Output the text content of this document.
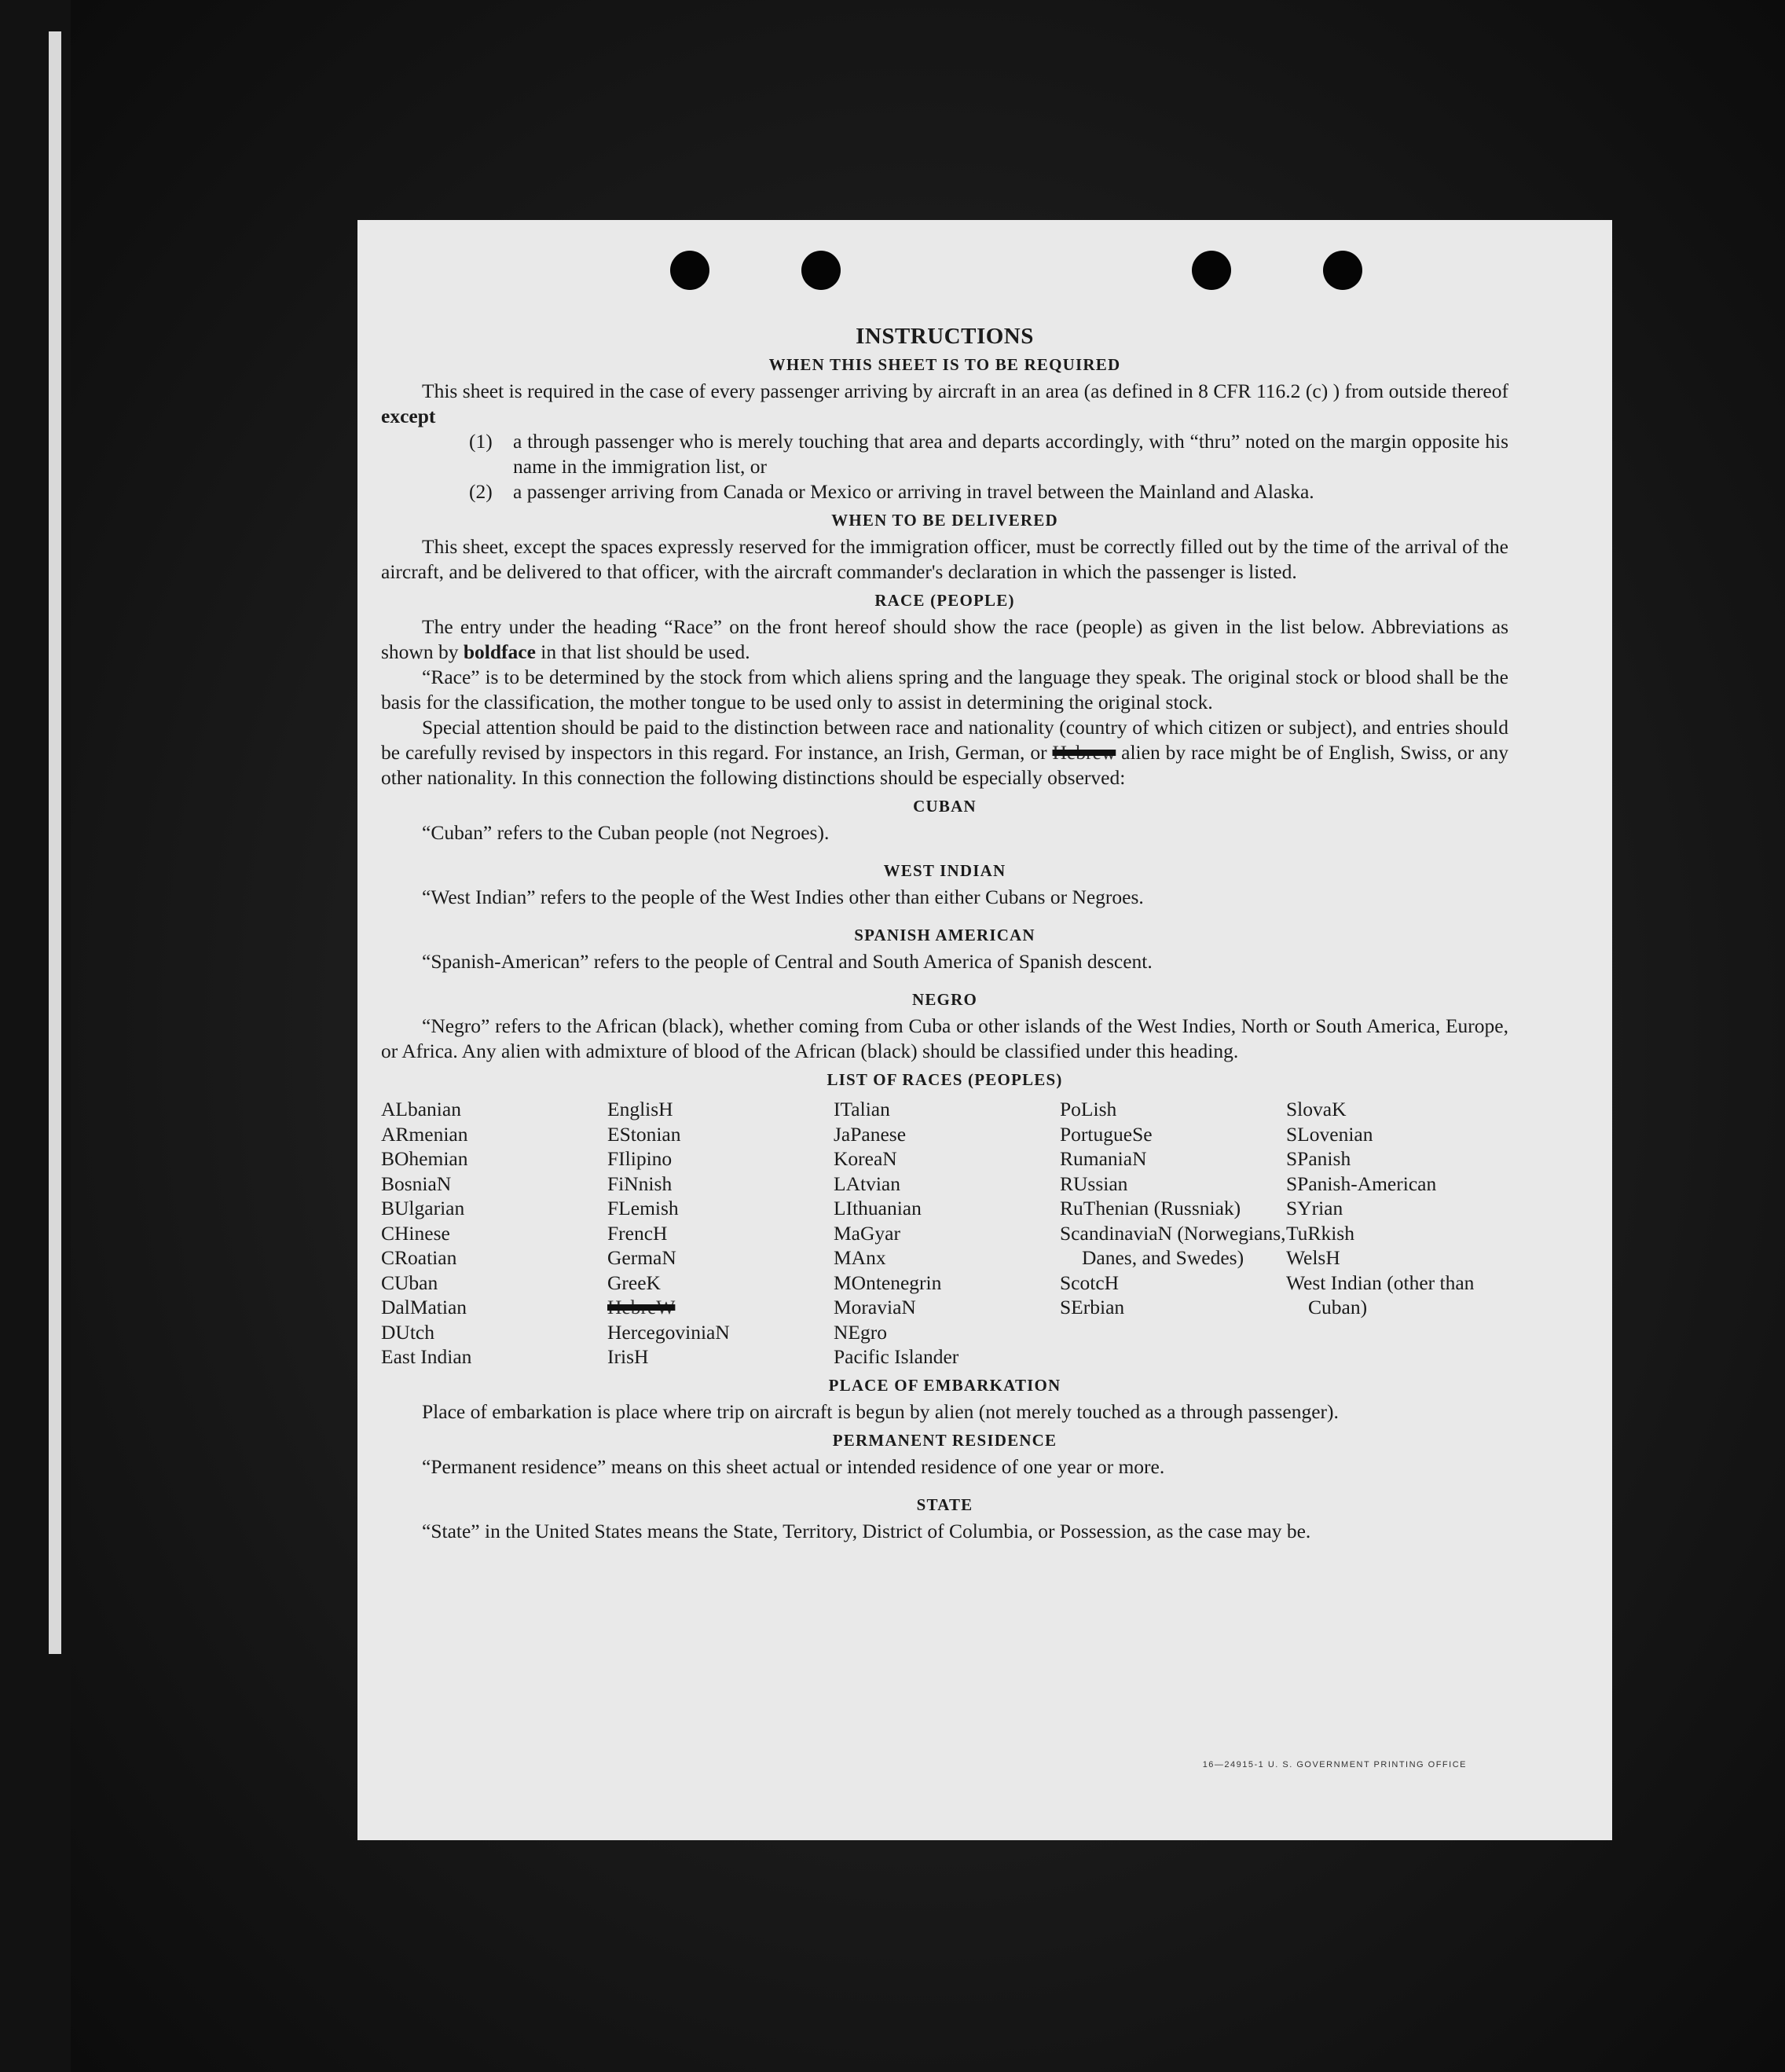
INSTRUCTIONS
WHEN THIS SHEET IS TO BE REQUIRED

This sheet is required in the case of every passenger arriving by aircraft in an area (as defined in 8 CFR 116.2 (c) ) from outside thereof except

(1)	a through passenger who is merely touching that area and departs accordingly, with “thru” noted on the margin opposite his name in the immigration list, or
(2)	a passenger arriving from Canada or Mexico or arriving in travel between the Mainland and Alaska.
WHEN TO BE DELIVERED

This sheet, except the spaces expressly reserved for the immigration officer, must be correctly filled out by the time of the arrival of the aircraft, and be delivered to that officer, with the aircraft commander's declaration in which the passenger is listed.

RACE (PEOPLE)

The entry under the heading “Race” on the front hereof should show the race (people) as given in the list below. Abbreviations as shown by boldface in that list should be used.

“Race” is to be determined by the stock from which aliens spring and the language they speak. The original stock or blood shall be the basis for the classification, the mother tongue to be used only to assist in determining the original stock.

Special attention should be paid to the distinction between race and nationality (country of which citizen or subject), and entries should be carefully revised by inspectors in this regard. For instance, an Irish, German, or Hebrew alien by race might be of English, Swiss, or any other nationality. In this connection the following distinctions should be especially observed:

CUBAN

“Cuban” refers to the Cuban people (not Negroes).

WEST INDIAN

“West Indian” refers to the people of the West Indies other than either Cubans or Negroes.

SPANISH AMERICAN

“Spanish-American” refers to the people of Central and South America of Spanish descent.

NEGRO

“Negro” refers to the African (black), whether coming from Cuba or other islands of the West Indies, North or South America, Europe, or Africa. Any alien with admixture of blood of the African (black) should be classified under this heading.

LIST OF RACES (PEOPLES)
ALbanian
ARmenian
BOhemian
BosniaN
BUlgarian
CHinese
CRoatian
CUban
DalMatian
DUtch
East Indian
EnglisH
EStonian
FIlipino
FiNnish
FLemish
FrencH
GermaN
GreeK
HebreW
HercegoviniaN
IrisH
ITalian
JaPanese
KoreaN
LAtvian
LIthuanian
MaGyar
MAnx
MOntenegrin
MoraviaN
NEgro
Pacific Islander
PoLish
PortugueSe
RumaniaN
RUssian
RuThenian (Russniak)
ScandinaviaN (Norwegians, Danes, and Swedes)
ScotcH
SErbian
SlovaK
SLovenian
SPanish
SPanish-American
SYrian
TuRkish
WelsH
West Indian (other than Cuban)
PLACE OF EMBARKATION

Place of embarkation is place where trip on aircraft is begun by alien (not merely touched as a through passenger).

PERMANENT RESIDENCE

“Permanent residence” means on this sheet actual or intended residence of one year or more.

STATE

“State” in the United States means the State, Territory, District of Columbia, or Possession, as the case may be.

16—24915-1 U. S. GOVERNMENT PRINTING OFFICE
